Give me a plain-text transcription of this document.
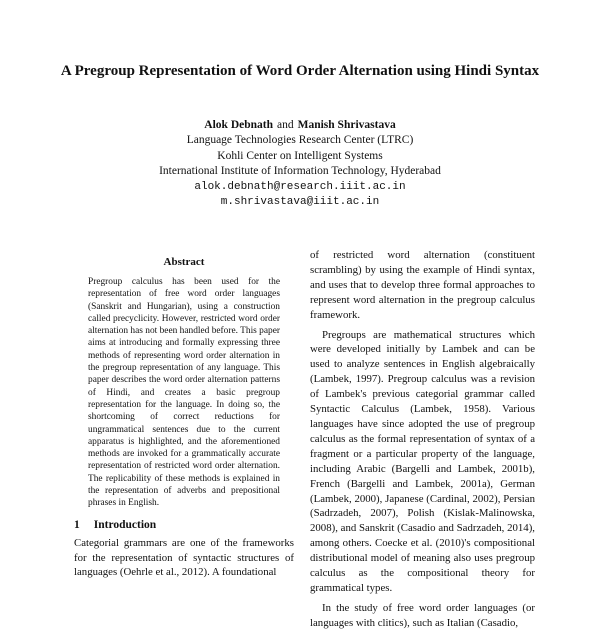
A Pregroup Representation of Word Order Alternation using Hindi Syntax
Alok Debnath and Manish Shrivastava
Language Technologies Research Center (LTRC)
Kohli Center on Intelligent Systems
International Institute of Information Technology, Hyderabad
alok.debnath@research.iiit.ac.in
m.shrivastava@iiit.ac.in
Abstract

Pregroup calculus has been used for the representation of free word order languages (Sanskrit and Hungarian), using a construction called precyclicity. However, restricted word order alternation has not been handled before. This paper aims at introducing and formally expressing three methods of representing word order alternation in the pregroup representation of any language. This paper describes the word order alternation patterns of Hindi, and creates a basic pregroup representation for the language. In doing so, the shortcoming of correct reductions for ungrammatical sentences due to the current apparatus is highlighted, and the aforementioned methods are invoked for a grammatically accurate representation of restricted word order alternation. The replicability of these methods is explained in the representation of adverbs and prepositional phrases in English.

1 Introduction

Categorial grammars are one of the frameworks for the representation of syntactic structures of languages (Oehrle et al., 2012). A foundational

of restricted word alternation (constituent scrambling) by using the example of Hindi syntax, and uses that to develop three formal approaches to represent word alternation in the pregroup calculus framework.

Pregroups are mathematical structures which were developed initially by Lambek and can be used to analyze sentences in English algebraically (Lambek, 1997). Pregroup calculus was a revision of Lambek's previous categorial grammar called Syntactic Calculus (Lambek, 1958). Various languages have since adopted the use of pregroup calculus as the formal representation of syntax of a fragment or a particular property of the language, including Arabic (Bargelli and Lambek, 2001b), French (Bargelli and Lambek, 2001a), German (Lambek, 2000), Japanese (Cardinal, 2002), Persian (Sadrzadeh, 2007), Polish (Kislak-Malinowska, 2008), and Sanskrit (Casadio and Sadrzadeh, 2014), among others. Coecke et al. (2010)'s compositional distributional model of meaning also uses pregroup calculus as the compositional theory for grammatical types.

In the study of free word order languages (or languages with clitics), such as Italian (Casadio,
